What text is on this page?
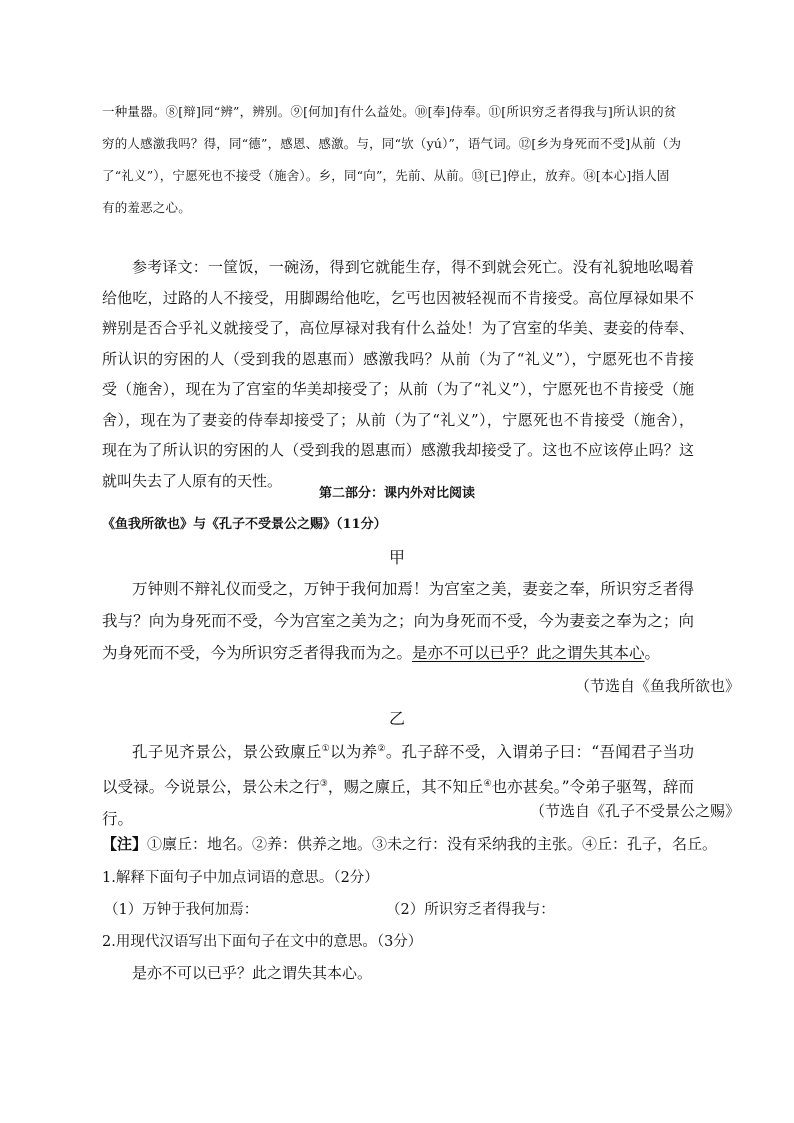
一种量器。⑧[辩]同“辨”，辨别。⑨[何加]有什么益处。⑩[奉]侍奉。⑪[所识穷乏者得我与]所认识的贫

穷的人感激我吗？得，同“德”，感恩、感激。与，同“欤（yú）”，语气词。⑫[乡为身死而不受]从前（为

了“礼义”），宁愿死也不接受（施舍）。乡，同“向”，先前、从前。⑬[已]停止，放弃。⑭[本心]指人固

有的羞恶之心。

参考译文：一筐饭，一碗汤，得到它就能生存，得不到就会死亡。没有礼貌地吆喝着给他吃，过路的人不接受，用脚踢给他吃，乞丐也因被轻视而不肯接受。高位厚禄如果不辨别是否合乎礼义就接受了，高位厚禄对我有什么益处！为了宫室的华美、妻妾的侍奉、所认识的穷困的人（受到我的恩惠而）感激我吗？从前（为了“礼义”），宁愿死也不肯接受（施舍），现在为了宫室的华美却接受了；从前（为了“礼义”），宁愿死也不肯接受（施舍），现在为了妻妾的侍奉却接受了；从前（为了“礼义”），宁愿死也不肯接受（施舍），现在为了所认识的穷困的人（受到我的恩惠而）感激我却接受了。这也不应该停止吗？这就叫失去了人原有的天性。

第二部分：课内外对比阅读
《鱼我所欲也》与《孔子不受景公之赐》（11分）
甲

万钟则不辩礼仪而受之，万钟于我何加焉！为宫室之美，妻妾之奉，所识穷乏者得我与？向为身死而不受，今为宫室之美为之；向为身死而不受，今为妻妾之奉为之；向为身死而不受，今为所识穷乏者得我而为之。是亦不可以已乎？此之谓失其本心。

（节选自《鱼我所欲也》
乙

孔子见齐景公，景公致廪丘①以为养②。孔子辞不受，入谓弟子曰：“吾闻君子当功以受禄。今说景公，景公未之行③，赐之廪丘，其不知丘④也亦甚矣。”令弟子驱驾，辞而行。	（节选自《孔子不受景公之赐》
【注】①廪丘：地名。②养：供养之地。③未之行：没有采纳我的主张。④丘：孔子，名丘。
1.解释下面句子中加点词语的意思。（2分）
（1）万钟于我何加焉：	（2）所识穷乏者得我与：
2.用现代汉语写出下面句子在文中的意思。（3分）
是亦不可以已乎？此之谓失其本心。
